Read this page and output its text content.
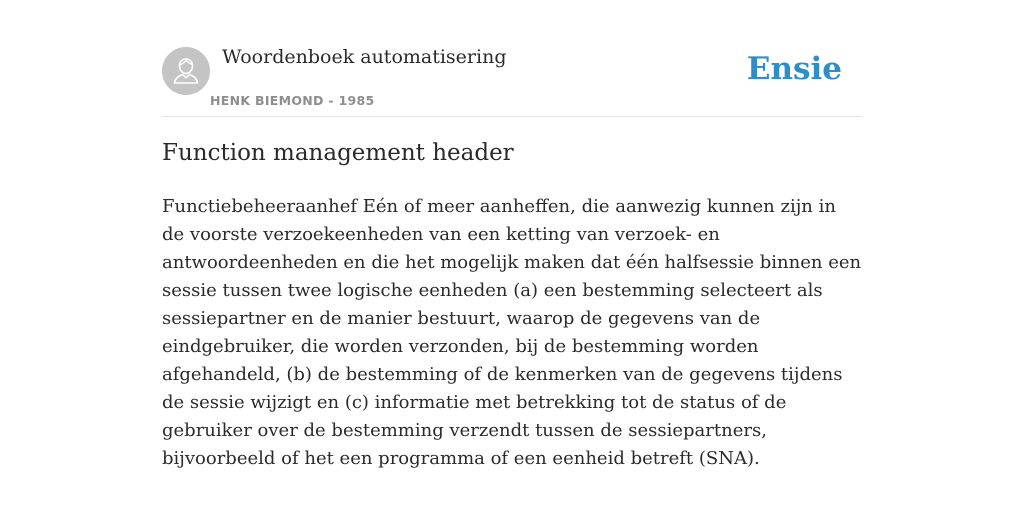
Woordenboek automatisering
HENK BIEMOND - 1985
Ensie
Function management header

Functiebeheeraanhef Eén of meer aanheffen, die aanwezig kunnen zijn in de voorste verzoekeenheden van een ketting van verzoek- en antwoordeenheden en die het mogelijk maken dat één halfsessie binnen een sessie tussen twee logische eenheden (a) een bestemming selecteert als sessiepartner en de manier bestuurt, waarop de gegevens van de eindgebruiker, die worden verzonden, bij de bestemming worden afgehandeld, (b) de bestemming of de kenmerken van de gegevens tijdens de sessie wijzigt en (c) informatie met betrekking tot de status of de gebruiker over de bestemming verzendt tussen de sessiepartners, bijvoorbeeld of het een programma of een eenheid betreft (SNA).
